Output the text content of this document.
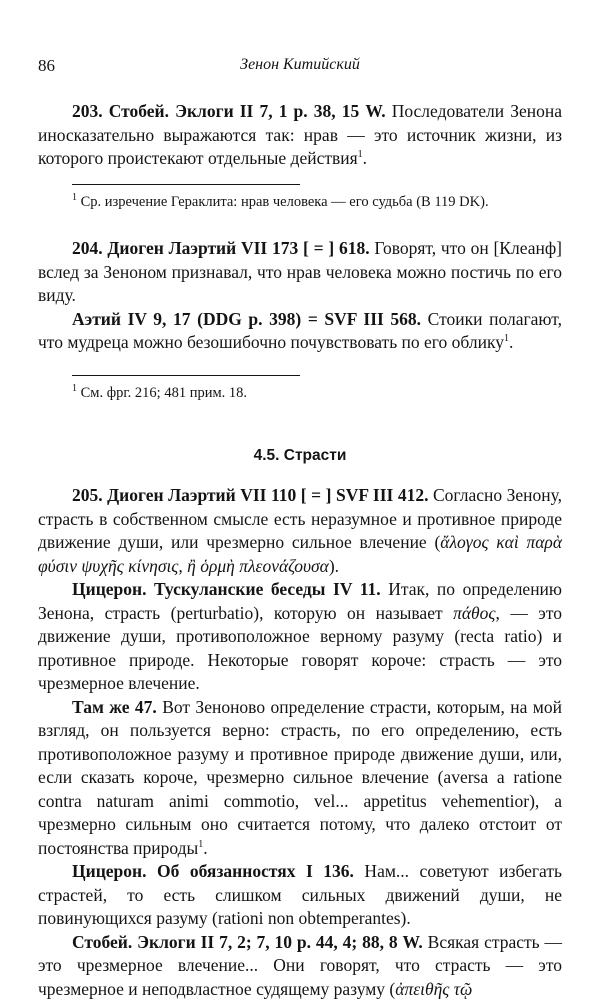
86	Зенон Китийский

203. Стобей. Эклоги II 7, 1 р. 38, 15 W. Последователи Зенона иносказательно выражаются так: нрав — это источник жизни, из которого проистекают отдельные действия$^1$.

$^1$ Ср. изречение Гераклита: нрав человека — его судьба (В 119 DK).

204. Диоген Лаэртий VII 173 [ = ] 618. Говорят, что он [Клеанф] вслед за Зеноном признавал, что нрав человека можно постичь по его виду.

Аэтий IV 9, 17 (DDG p. 398) = SVF III 568. Стоики полагают, что мудреца можно безошибочно почувствовать по его облику$^1$.

$^1$ См. фрг. 216; 481 прим. 18.

4.5. Страсти

205. Диоген Лаэртий VII 110 [ = ] SVF III 412. Согласно Зенону, страсть в собственном смысле есть неразумное и противное природе движение души, или чрезмерно сильное влечение (ἄλογος καὶ παρὰ φύσιν ψυχῆς κίνησις, ἢ ὁρμὴ πλεονάζουσα).

Цицерон. Тускуланские беседы IV 11. Итак, по определению Зенона, страсть (perturbatio), которую он называет πάθος, — это движение души, противоположное верному разуму (recta ratio) и противное природе. Некоторые говорят короче: страсть — это чрезмерное влечение.

Там же 47. Вот Зеноново определение страсти, которым, на мой взгляд, он пользуется верно: страсть, по его определению, есть противоположное разуму и противное природе движение души, или, если сказать короче, чрезмерно сильное влечение (aversa a ratione contra naturam animi commotio, vel... appetitus vehementior), а чрезмерно сильным оно считается потому, что далеко отстоит от постоянства природы$^1$.

Цицерон. Об обязанностях I 136. Нам... советуют избегать страстей, то есть слишком сильных движений души, не повинующихся разуму (rationi non obtemperantes).

Стобей. Эклоги II 7, 2; 7, 10 р. 44, 4; 88, 8 W. Всякая страсть — это чрезмерное влечение... Они говорят, что страсть — это чрезмерное и неподвластное судящему разуму (ἀπειθῆς τῷ
